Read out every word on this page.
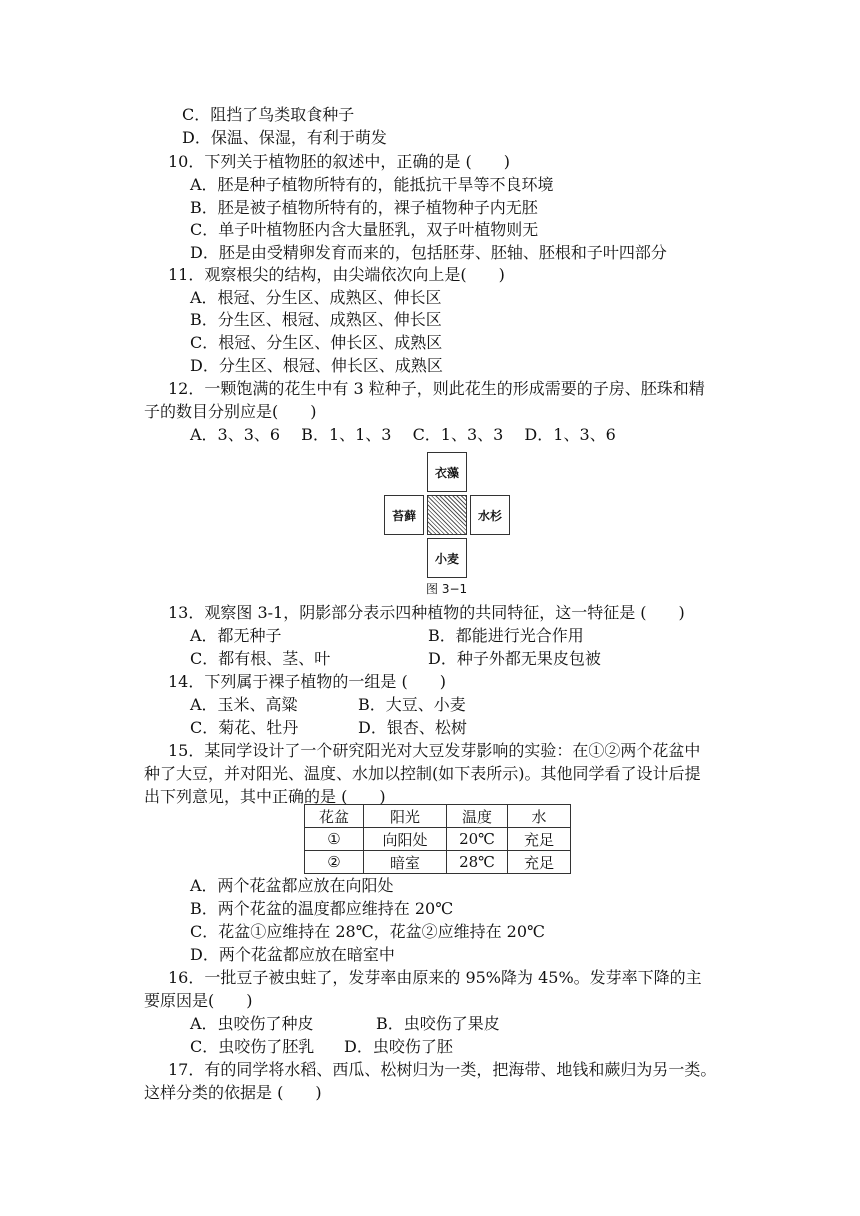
C．阻挡了鸟类取食种子
D．保温、保湿，有利于萌发
10．下列关于植物胚的叙述中，正确的是 (　　)
A．胚是种子植物所特有的，能抵抗干旱等不良环境
B．胚是被子植物所特有的，裸子植物种子内无胚
C．单子叶植物胚内含大量胚乳，双子叶植物则无
D．胚是由受精卵发育而来的，包括胚芽、胚轴、胚根和子叶四部分
11．观察根尖的结构，由尖端依次向上是(　　)
A．根冠、分生区、成熟区、伸长区
B．分生区、根冠、成熟区、伸长区
C．根冠、分生区、伸长区、成熟区
D．分生区、根冠、伸长区、成熟区
12．一颗饱满的花生中有 3 粒种子，则此花生的形成需要的子房、胚珠和精
子的数目分别应是(　　)
A．3、3、6　 B．1、1、3　 C．1、3、3　 D．1、3、6
衣藻
苔藓	水杉
小麦
图 3−1
13．观察图 3-1，阴影部分表示四种植物的共同特征，这一特征是 (　　)
A．都无种子	B．都能进行光合作用
C．都有根、茎、叶	D．种子外都无果皮包被
14．下列属于裸子植物的一组是 (　　)
A．玉米、高粱	B．大豆、小麦
C．菊花、牡丹	D．银杏、松树
15．某同学设计了一个研究阳光对大豆发芽影响的实验：在①②两个花盆中
种了大豆，并对阳光、温度、水加以控制(如下表所示)。其他同学看了设计后提
出下列意见，其中正确的是 (　　)
花盆	阳光	温度	水
①	向阳处	20℃	充足
②	暗室	28℃	充足
A．两个花盆都应放在向阳处
B．两个花盆的温度都应维持在 20℃
C．花盆①应维持在 28℃，花盆②应维持在 20℃
D．两个花盆都应放在暗室中
16．一批豆子被虫蛀了，发芽率由原来的 95%降为 45%。发芽率下降的主
要原因是(　　)
A．虫咬伤了种皮	B．虫咬伤了果皮
C．虫咬伤了胚乳 D．虫咬伤了胚
17．有的同学将水稻、西瓜、松树归为一类，把海带、地钱和蕨归为另一类。
这样分类的依据是 (　　)
